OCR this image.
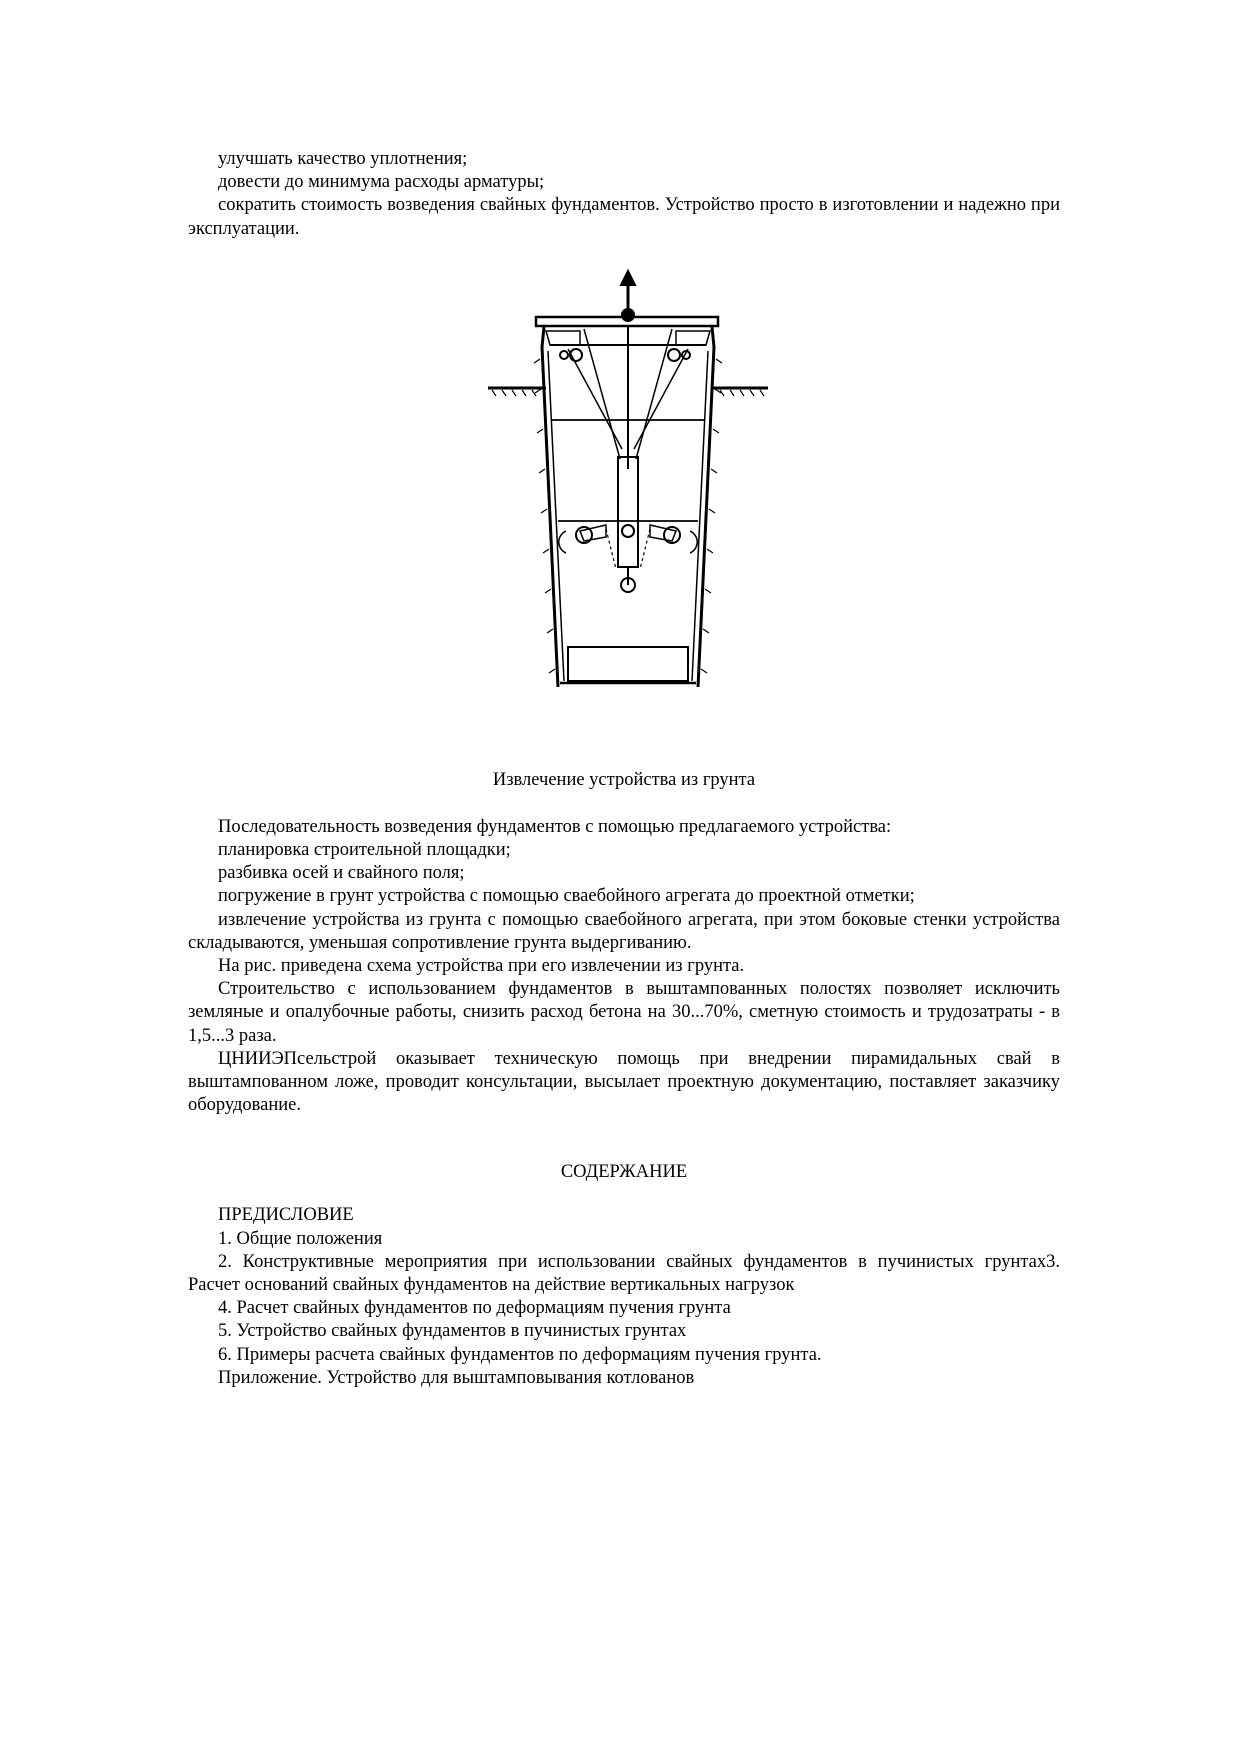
улучшать качество уплотнения;

довести до минимума расходы арматуры;

сократить стоимость возведения свайных фундаментов. Устройство просто в изготовлении и надежно при эксплуатации.

Извлечение устройства из грунта

Последовательность возведения фундаментов с помощью предлагаемого устройства:

планировка строительной площадки;

разбивка осей и свайного поля;

погружение в грунт устройства с помощью сваебойного агрегата до проектной отметки;

извлечение устройства из грунта с помощью сваебойного агрегата, при этом боковые стенки устройства складываются, уменьшая сопротивление грунта выдергиванию.

На рис. приведена схема устройства при его извлечении из грунта.

Строительство с использованием фундаментов в выштампованных полостях позволяет исключить земляные и опалубочные работы, снизить расход бетона на 30...70%, сметную стоимость и трудозатраты - в 1,5...3 раза.

ЦНИИЭПсельстрой оказывает техническую помощь при внедрении пирамидальных свай в выштампованном ложе, проводит консультации, высылает проектную документацию, поставляет заказчику оборудование.

СОДЕРЖАНИЕ

ПРЕДИСЛОВИЕ

1. Общие положения

2. Конструктивные мероприятия при использовании свайных фундаментов в пучинистых грунтах3. Расчет оснований свайных фундаментов на действие вертикальных нагрузок

4. Расчет свайных фундаментов по деформациям пучения грунта

5. Устройство свайных фундаментов в пучинистых грунтах

6. Примеры расчета свайных фундаментов по деформациям пучения грунта.

Приложение. Устройство для выштамповывания котлованов
